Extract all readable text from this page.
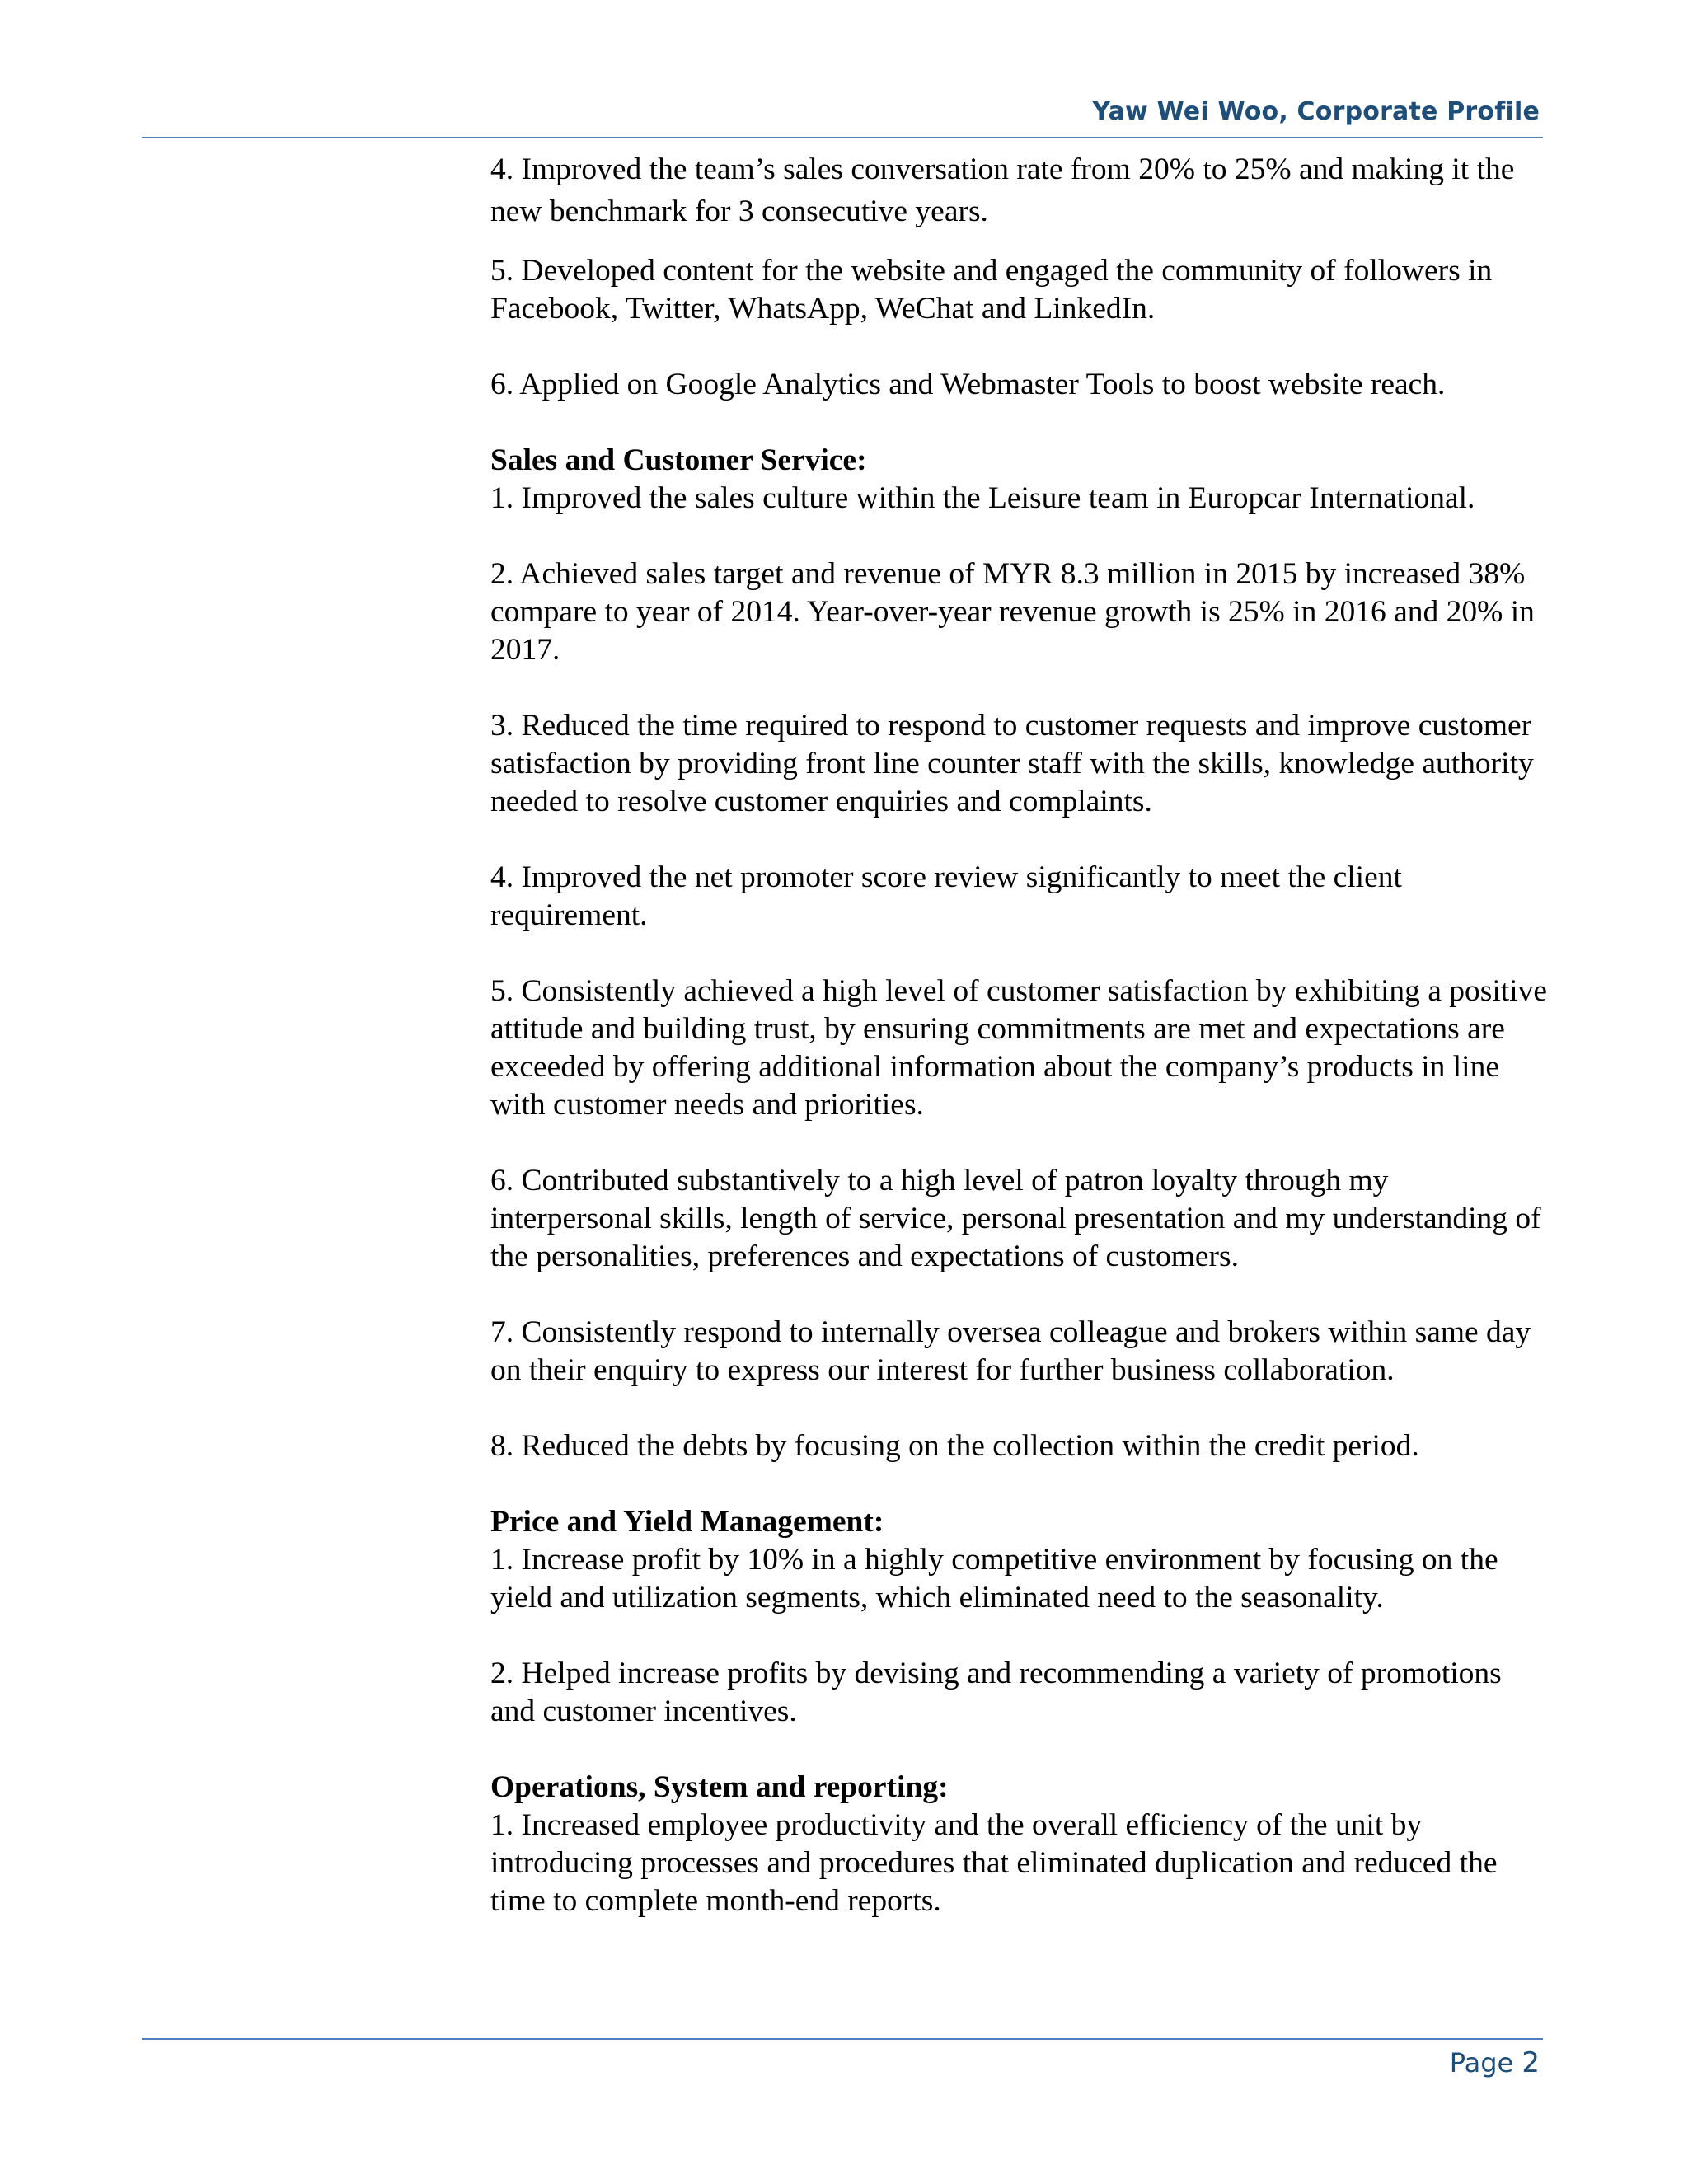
Yaw Wei Woo, Corporate Profile

4. Improved the team’s sales conversation rate from 20% to 25% and making it the new benchmark for 3 consecutive years.

5. Developed content for the website and engaged the community of followers in Facebook, Twitter, WhatsApp, WeChat and LinkedIn.

6. Applied on Google Analytics and Webmaster Tools to boost website reach.

Sales and Customer Service:

1. Improved the sales culture within the Leisure team in Europcar International.

2. Achieved sales target and revenue of MYR 8.3 million in 2015 by increased 38% compare to year of 2014. Year-over-year revenue growth is 25% in 2016 and 20% in 2017.

3. Reduced the time required to respond to customer requests and improve customer satisfaction by providing front line counter staff with the skills, knowledge authority needed to resolve customer enquiries and complaints.

4. Improved the net promoter score review significantly to meet the client requirement.

5. Consistently achieved a high level of customer satisfaction by exhibiting a positive attitude and building trust, by ensuring commitments are met and expectations are exceeded by offering additional information about the company’s products in line with customer needs and priorities.

6. Contributed substantively to a high level of patron loyalty through my interpersonal skills, length of service, personal presentation and my understanding of the personalities, preferences and expectations of customers.

7. Consistently respond to internally oversea colleague and brokers within same day on their enquiry to express our interest for further business collaboration.

8. Reduced the debts by focusing on the collection within the credit period.

Price and Yield Management:

1. Increase profit by 10% in a highly competitive environment by focusing on the yield and utilization segments, which eliminated need to the seasonality.

2. Helped increase profits by devising and recommending a variety of promotions and customer incentives.

Operations, System and reporting:

1. Increased employee productivity and the overall efficiency of the unit by introducing processes and procedures that eliminated duplication and reduced the time to complete month-end reports.

Page 2
